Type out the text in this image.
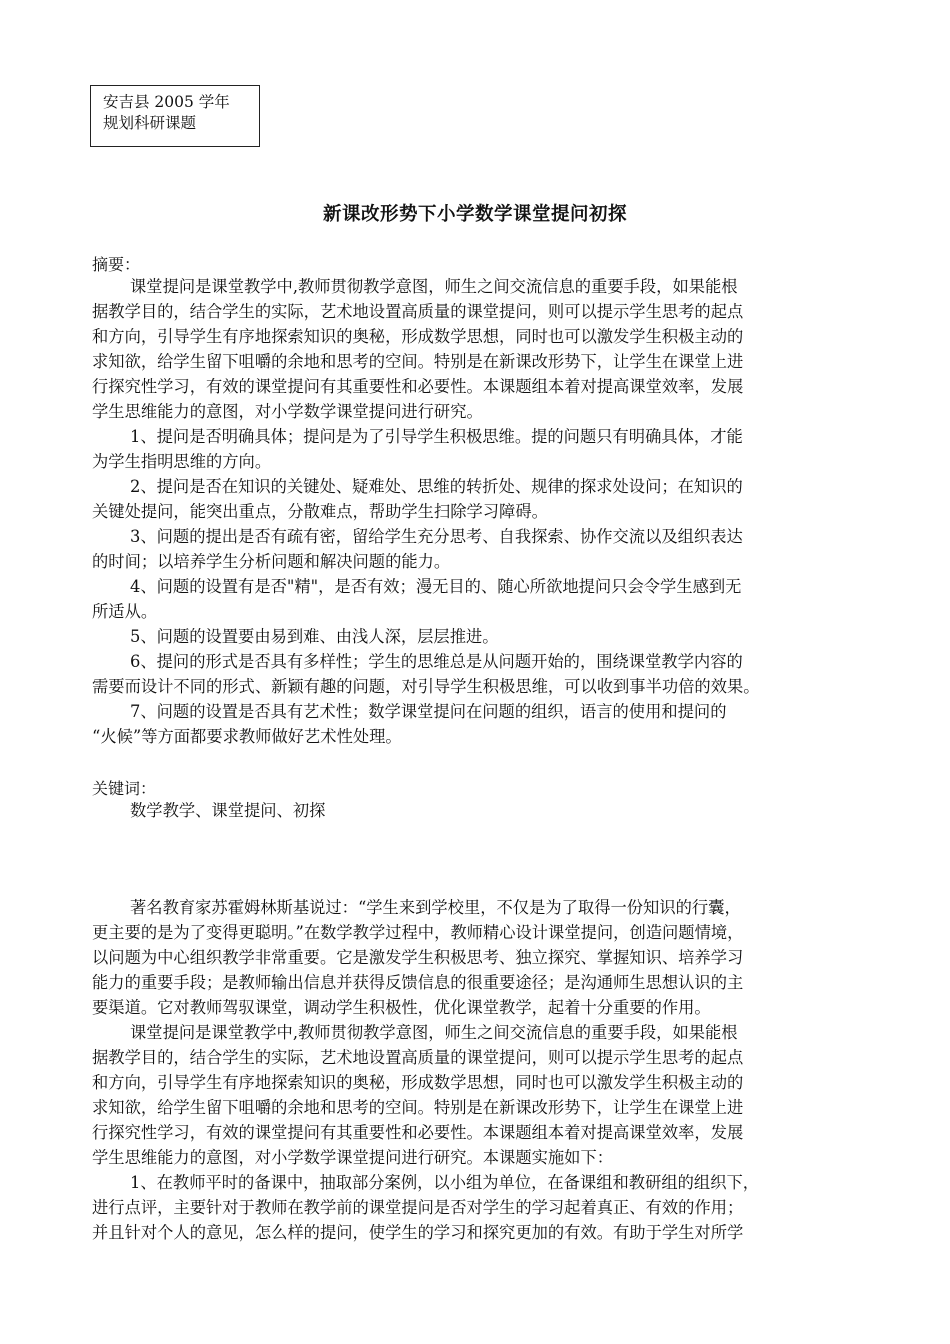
安吉县 2005 学年
规划科研课题
新课改形势下小学数学课堂提问初探
摘要：
课堂提问是课堂教学中,教师贯彻教学意图，师生之间交流信息的重要手段，如果能根
据教学目的，结合学生的实际，艺术地设置高质量的课堂提问，则可以提示学生思考的起点
和方向，引导学生有序地探索知识的奥秘，形成数学思想，同时也可以激发学生积极主动的
求知欲，给学生留下咀嚼的余地和思考的空间。特别是在新课改形势下，让学生在课堂上进
行探究性学习，有效的课堂提问有其重要性和必要性。本课题组本着对提高课堂效率，发展
学生思维能力的意图，对小学数学课堂提问进行研究。
1、提问是否明确具体；提问是为了引导学生积极思维。提的问题只有明确具体，才能
为学生指明思维的方向。
2、提问是否在知识的关键处、疑难处、思维的转折处、规律的探求处设问；在知识的
关键处提问，能突出重点，分散难点，帮助学生扫除学习障碍。
3、问题的提出是否有疏有密，留给学生充分思考、自我探索、协作交流以及组织表达
的时间；以培养学生分析问题和解决问题的能力。
4、问题的设置有是否"精"，是否有效；漫无目的、随心所欲地提问只会令学生感到无
所适从。
5、问题的设置要由易到难、由浅人深，层层推进。
6、提问的形式是否具有多样性；学生的思维总是从问题开始的，围绕课堂教学内容的
需要而设计不同的形式、新颖有趣的问题，对引导学生积极思维，可以收到事半功倍的效果。
7、问题的设置是否具有艺术性；数学课堂提问在问题的组织，语言的使用和提问的
“火候”等方面都要求教师做好艺术性处理。
关键词：
数学教学、课堂提问、初探
著名教育家苏霍姆林斯基说过：“学生来到学校里，不仅是为了取得一份知识的行囊，
更主要的是为了变得更聪明。”在数学教学过程中，教师精心设计课堂提问，创造问题情境，
以问题为中心组织教学非常重要。它是激发学生积极思考、独立探究、掌握知识、培养学习
能力的重要手段；是教师输出信息并获得反馈信息的很重要途径；是沟通师生思想认识的主
要渠道。它对教师驾驭课堂，调动学生积极性，优化课堂教学，起着十分重要的作用。
课堂提问是课堂教学中,教师贯彻教学意图，师生之间交流信息的重要手段，如果能根
据教学目的，结合学生的实际，艺术地设置高质量的课堂提问，则可以提示学生思考的起点
和方向，引导学生有序地探索知识的奥秘，形成数学思想，同时也可以激发学生积极主动的
求知欲，给学生留下咀嚼的余地和思考的空间。特别是在新课改形势下，让学生在课堂上进
行探究性学习，有效的课堂提问有其重要性和必要性。本课题组本着对提高课堂效率，发展
学生思维能力的意图，对小学数学课堂提问进行研究。本课题实施如下：
1、在教师平时的备课中，抽取部分案例，以小组为单位，在备课组和教研组的组织下，
进行点评，主要针对于教师在教学前的课堂提问是否对学生的学习起着真正、有效的作用；
并且针对个人的意见，怎么样的提问，使学生的学习和探究更加的有效。有助于学生对所学
